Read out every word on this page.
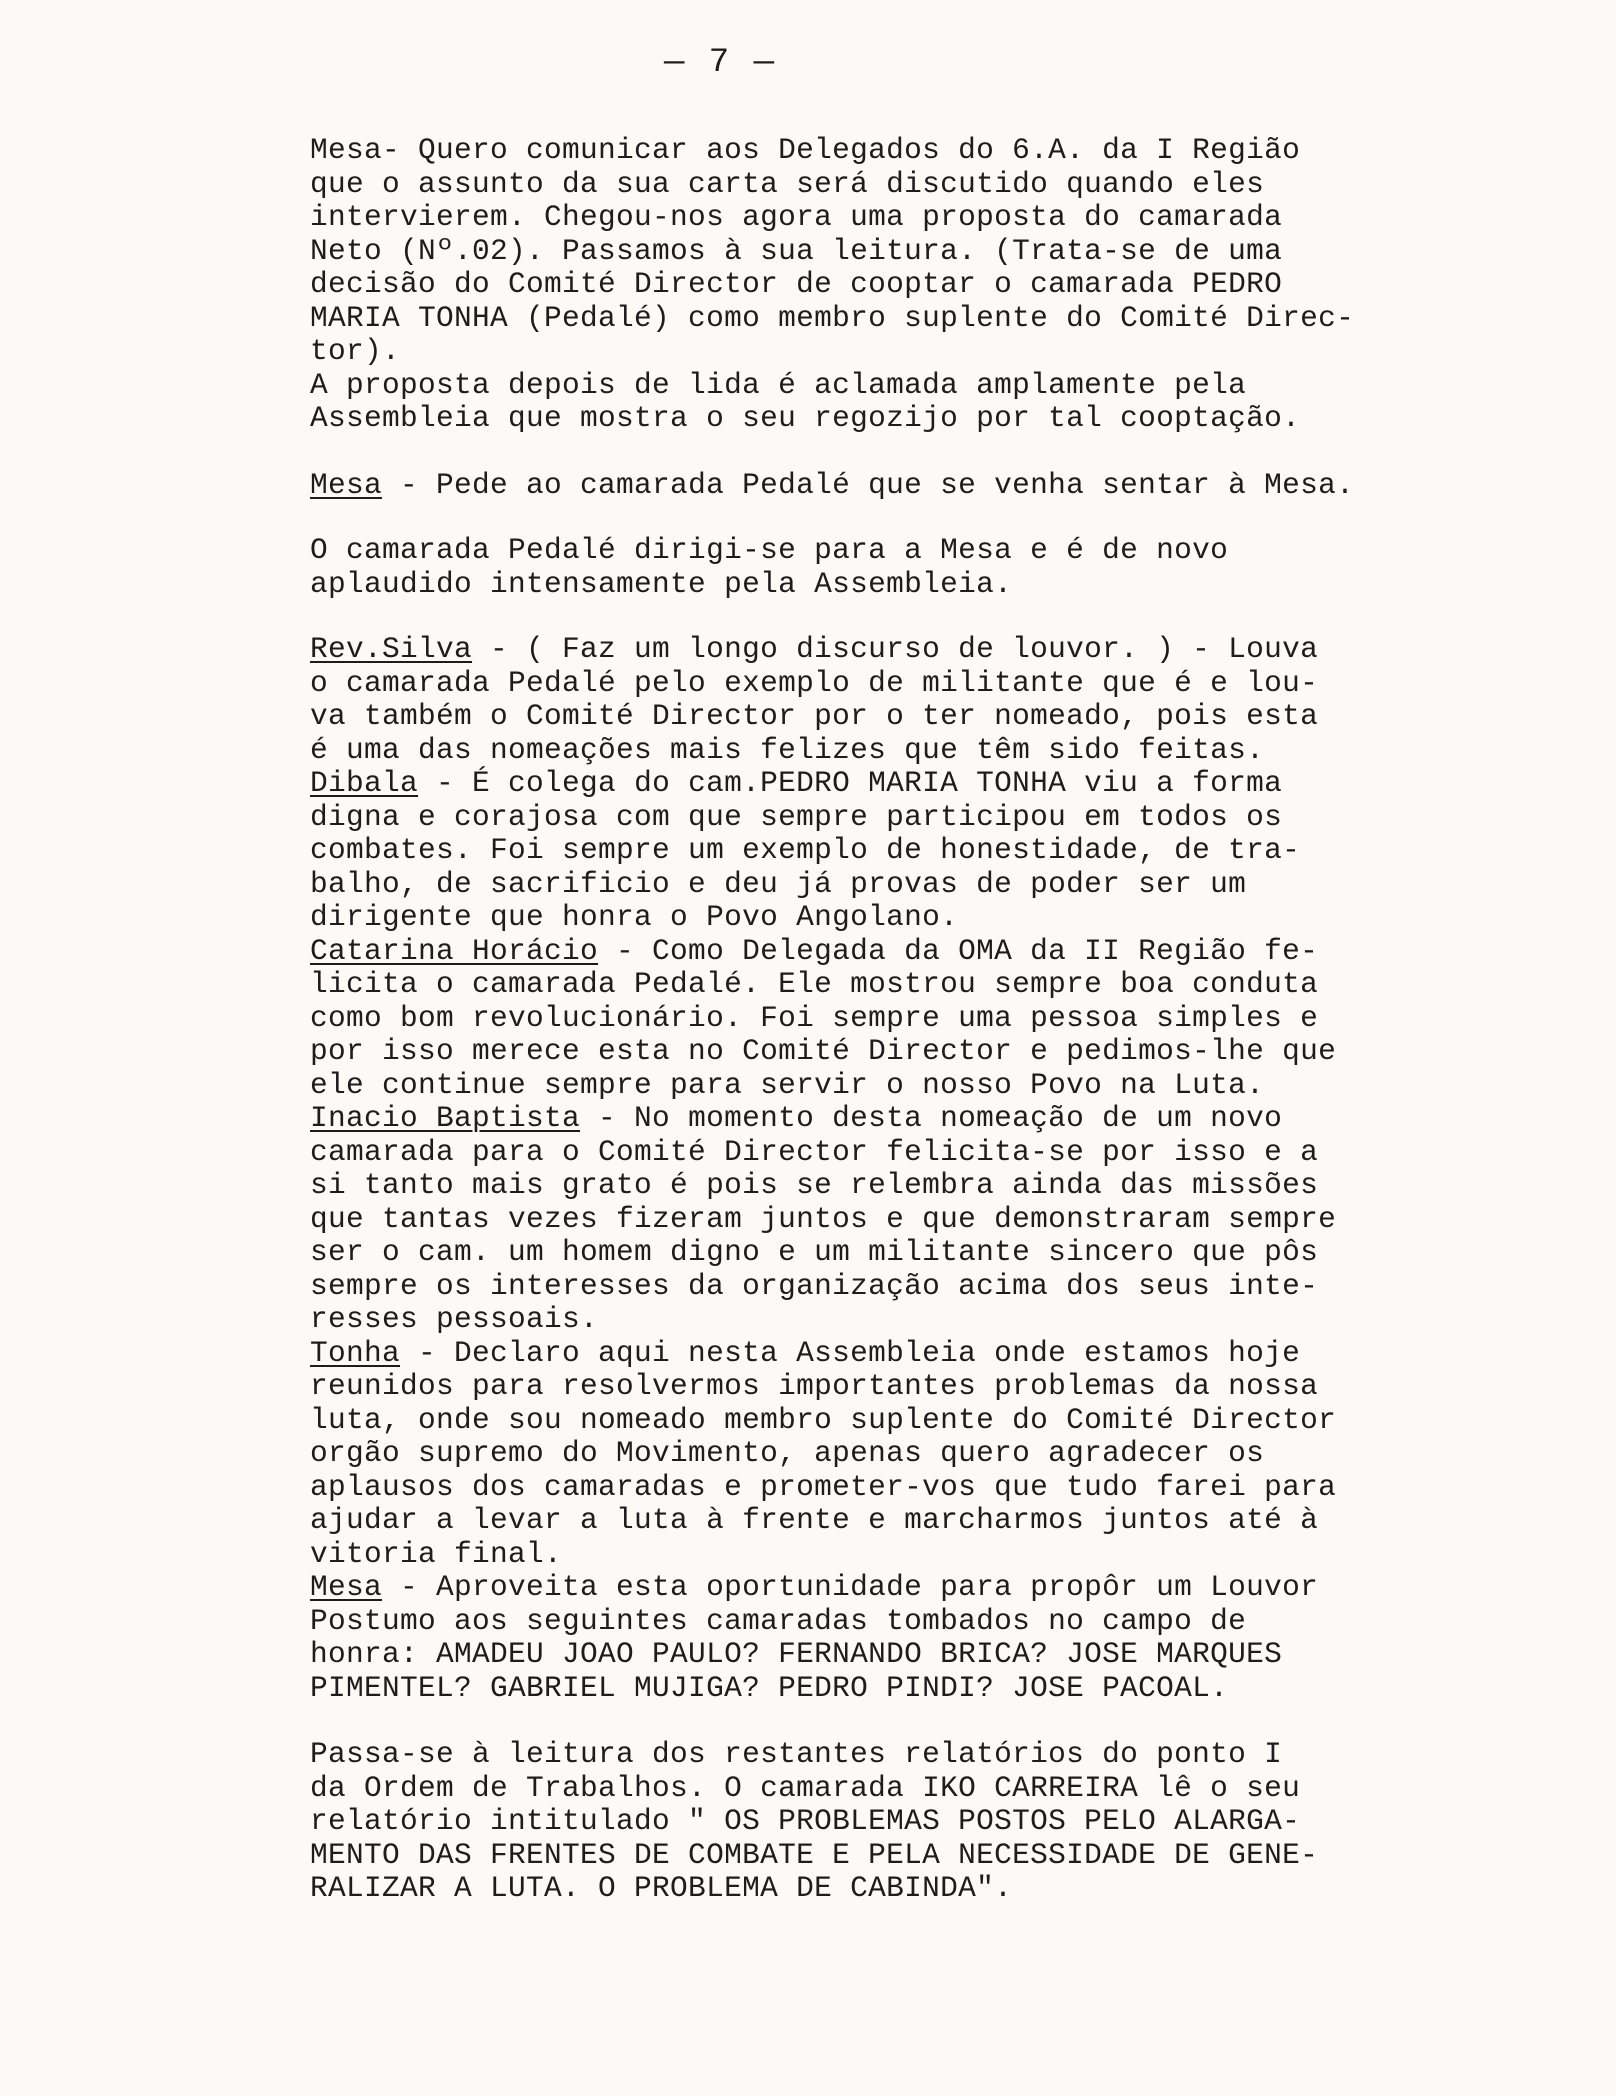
— 7 —

Mesa- Quero comunicar aos Delegados do 6.A. da I Região
que o assunto da sua carta será discutido quando eles
intervierem. Chegou-nos agora uma proposta do camarada
Neto (Nº.02). Passamos à sua leitura. (Trata-se de uma
decisão do Comité Director de cooptar o camarada PEDRO
MARIA TONHA (Pedalé) como membro suplente do Comité Direc-
tor).

A proposta depois de lida é aclamada amplamente pela
Assembleia que mostra o seu regozijo por tal cooptação.

Mesa - Pede ao camarada Pedalé que se venha sentar à Mesa.

O camarada Pedalé dirigi-se para a Mesa e é de novo
aplaudido intensamente pela Assembleia.

Rev.Silva - ( Faz um longo discurso de louvor. ) - Louva
o camarada Pedalé pelo exemplo de militante que é e lou-
va também o Comité Director por o ter nomeado, pois esta
é uma das nomeações mais felizes que têm sido feitas.

Dibala - É colega do cam.PEDRO MARIA TONHA viu a forma
digna e corajosa com que sempre participou em todos os
combates. Foi sempre um exemplo de honestidade, de tra-
balho, de sacrificio e deu já provas de poder ser um
dirigente que honra o Povo Angolano.

Catarina Horácio - Como Delegada da OMA da II Região fe-
licita o camarada Pedalé. Ele mostrou sempre boa conduta
como bom revolucionário. Foi sempre uma pessoa simples e
por isso merece esta no Comité Director e pedimos-lhe que
ele continue sempre para servir o nosso Povo na Luta.

Inacio Baptista - No momento desta nomeação de um novo
camarada para o Comité Director felicita-se por isso e a
si tanto mais grato é pois se relembra ainda das missões
que tantas vezes fizeram juntos e que demonstraram sempre
ser o cam. um homem digno e um militante sincero que pôs
sempre os interesses da organização acima dos seus inte-
resses pessoais.

Tonha - Declaro aqui nesta Assembleia onde estamos hoje
reunidos para resolvermos importantes problemas da nossa
luta, onde sou nomeado membro suplente do Comité Director
orgão supremo do Movimento, apenas quero agradecer os
aplausos dos camaradas e prometer-vos que tudo farei para
ajudar a levar a luta à frente e marcharmos juntos até à
vitoria final.

Mesa - Aproveita esta oportunidade para propôr um Louvor
Postumo aos seguintes camaradas tombados no campo de
honra: AMADEU JOAO PAULO? FERNANDO BRICA? JOSE MARQUES
PIMENTEL? GABRIEL MUJIGA? PEDRO PINDI? JOSE PACOAL.

Passa-se à leitura dos restantes relatórios do ponto I
da Ordem de Trabalhos. O camarada IKO CARREIRA lê o seu
relatório intitulado " OS PROBLEMAS POSTOS PELO ALARGA-
MENTO DAS FRENTES DE COMBATE E PELA NECESSIDADE DE GENE-
RALIZAR A LUTA. O PROBLEMA DE CABINDA".
